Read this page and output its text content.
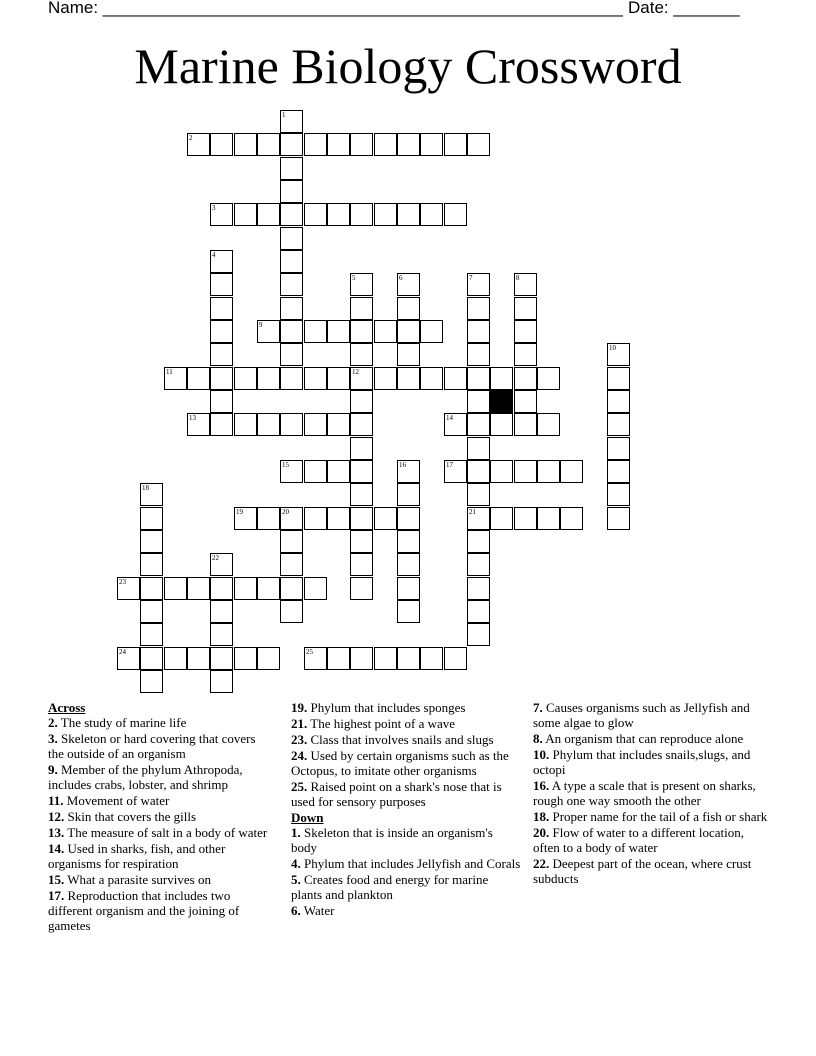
Name: _______________________________________________________ Date: _______
Marine Biology Crossword
1
2
3
4
5
12
6	7
21
8
9
10
11
13	14
15	16	17
18
19	20
22
23
24	25

Across

2. The study of marine life

3. Skeleton or hard covering that covers the outside of an organism

9. Member of the phylum Athropoda, includes crabs, lobster, and shrimp

11. Movement of water

12. Skin that covers the gills

13. The measure of salt in a body of water

14. Used in sharks, fish, and other organisms for respiration

15. What a parasite survives on

17. Reproduction that includes two different organism and the joining of gametes

19. Phylum that includes sponges

21. The highest point of a wave

23. Class that involves snails and slugs

24. Used by certain organisms such as the Octopus, to imitate other organisms

25. Raised point on a shark's nose that is used for sensory purposes

Down

1. Skeleton that is inside an organism's body

4. Phylum that includes Jellyfish and Corals

5. Creates food and energy for marine plants and plankton

6. Water

7. Causes organisms such as Jellyfish and some algae to glow

8. An organism that can reproduce alone

10. Phylum that includes snails,slugs, and octopi

16. A type a scale that is present on sharks, rough one way smooth the other

18. Proper name for the tail of a fish or shark

20. Flow of water to a different location, often to a body of water

22. Deepest part of the ocean, where crust subducts
